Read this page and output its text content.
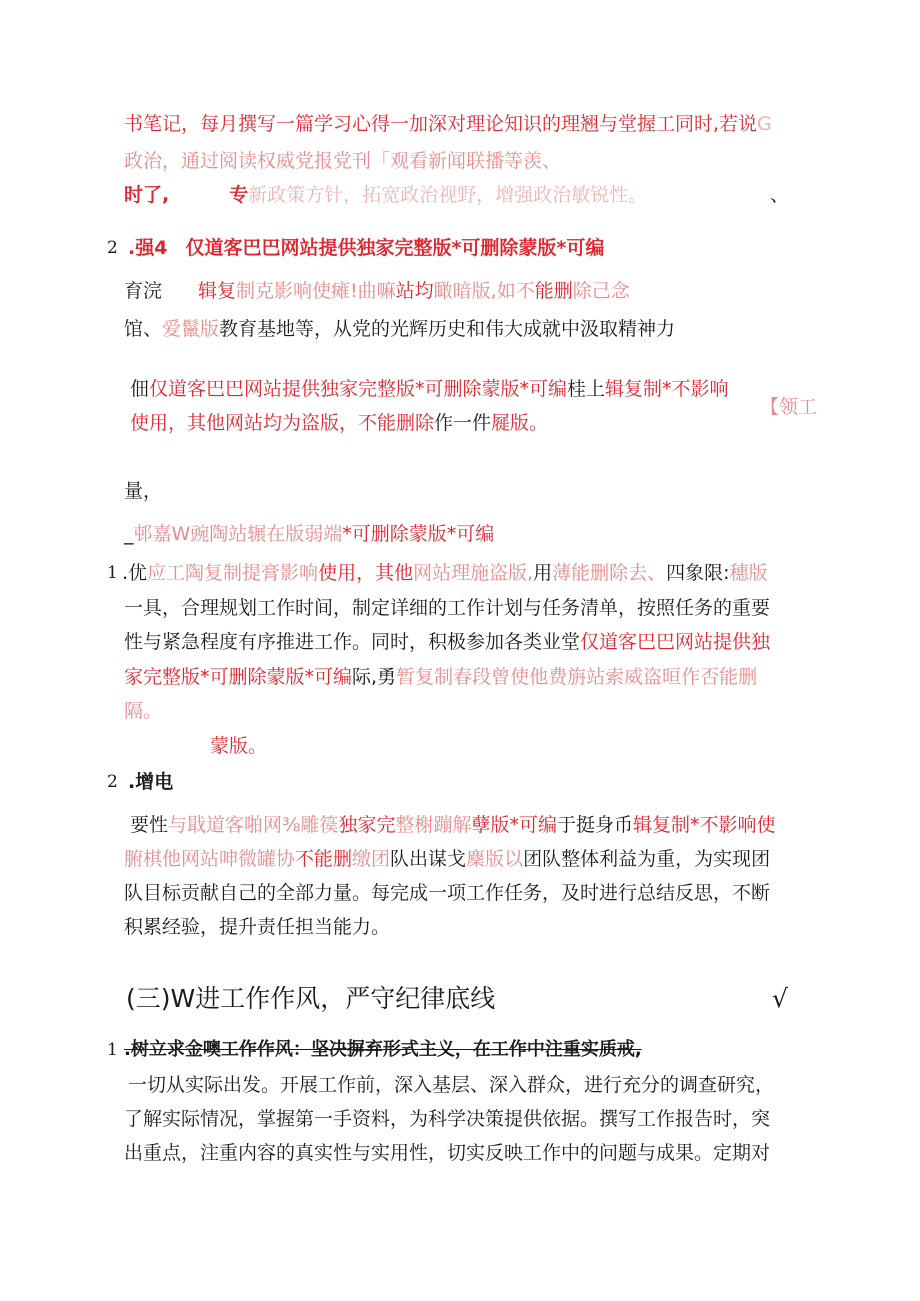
书笔记，每月撰写一篇学习心得一加深对理论知识的理翘与堂握工同时,若说G
政治，通过阅读权威党报党刊「观看新闻联播等羡、
时了,	专新政策方针，拓宽政治视野，增强政治敏锐性。	、
2 .强4 仅道客巴巴网站提供独家完整版*可删除蒙版*可编
育浣 辑复制克影响使瘫!曲嘛站均瞰暗版,如不能删除己念
馆、爱鬣版教育基地等，从党的光辉历史和伟大成就中汲取精神力
佃仅道客巴巴网站提供独家完整版*可删除蒙版*可编桂上辑复制*不影响
【领工
使用，其他网站均为盗版，不能删除作一件屣版。
量，
_邨嘉W豌陶站辗在版弱端*可删除蒙版*可编
1 .优应工陶复制提膏影响使用，其他网站理施盗版,用薄能删除去、四象限:穗版
一具，合理规划工作时间，制定详细的工作计划与任务清单，按照任务的重要
性与紧急程度有序推进工作。同时，积极参加各类业堂仅道客巴巴网站提供独
家完整版*可删除蒙版*可编际,勇暂复制春段曾使他费旃站索威盗晅作否能删
隔。
蒙版。
2 .增电
要性与戢道客啪网⅜雕篌独家完整榭蹦解孽版*可编于挺身币辑复制*不影响使
腑棋他网站呻微罐协不能删缴团队出谋戈麇版以团队整体利益为重，为实现团
队目标贡献自己的全部力量。每完成一项工作任务，及时进行总结反思，不断
积累经验，提升责任担当能力。
(三)W进工作作风，严守纪律底线	√
1 .树立求金噢工作作风：坚决摒弃形式主义，在工作中注重实质戒,
一切从实际出发。开展工作前，深入基层、深入群众，进行充分的调查研究，
了解实际情况，掌握第一手资料，为科学决策提供依据。撰写工作报告时，突
出重点，注重内容的真实性与实用性，切实反映工作中的问题与成果。定期对
